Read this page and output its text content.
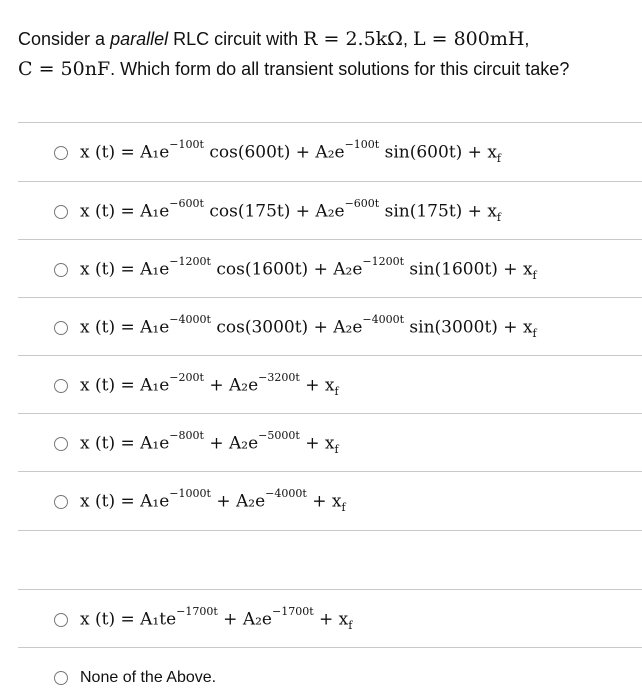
Consider a parallel RLC circuit with R = 2.5kΩ, L = 800mH,
C = 50nF. Which form do all transient solutions for this circuit take?
x $(t) = A_1e^{-100t}$ $\cos(600t) + A_2e^{-100t}$ $\sin(600t) + x_f$
x $(t) = A_1e^{-600t}$ $\cos(175t) + A_2e^{-600t}$ $\sin(175t) + x_f$
x $(t) = A_1e^{-1200t}$ $\cos(1600t) + A_2e^{-1200t}$ $\sin(1600t) + x_f$
x $(t) = A_1e^{-4000t}$ $\cos(3000t) + A_2e^{-4000t}$ $\sin(3000t) + x_f$
x $(t) = A_1e^{-200t} + A_2e^{-3200t} + x_f$
x $(t) = A_1e^{-800t} + A_2e^{-5000t} + x_f$
x $(t) = A_1e^{-1000t} + A_2e^{-4000t} + x_f$
x $(t) = A_1te^{-1700t} + A_2e^{-1700t} + x_f$
None of the Above.
